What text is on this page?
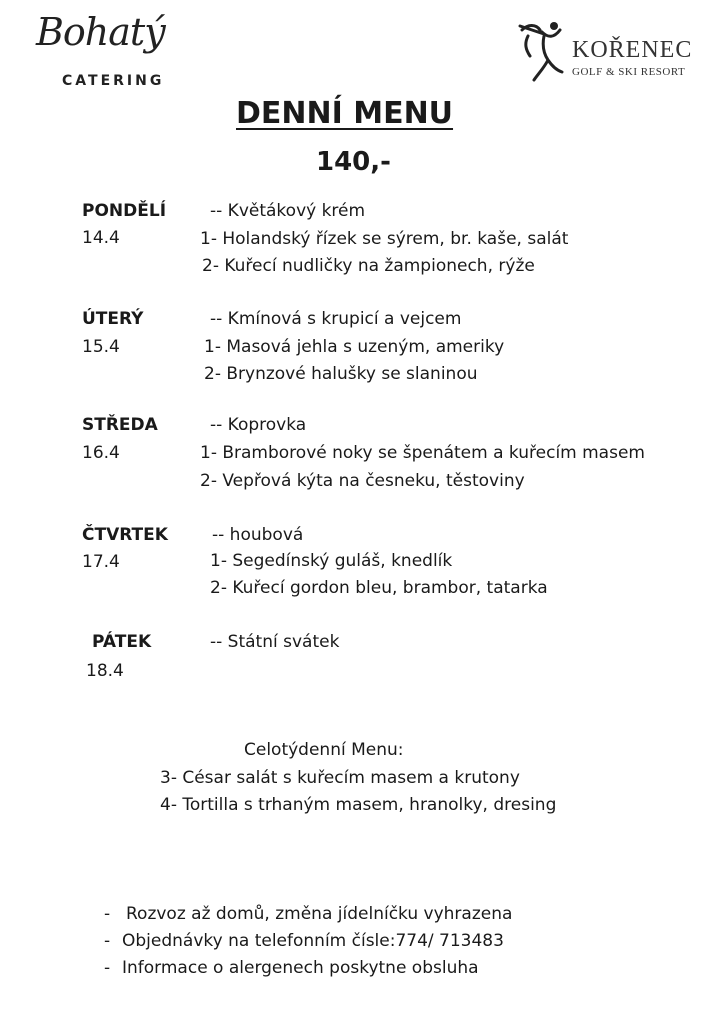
Bohatý
CATERING
KOŘENEC
GOLF & SKI RESORT
DENNÍ MENU
140,-
PONDĚLÍ
14.4
-- Květákový krém
1- Holandský řízek se sýrem, br. kaše, salát
2- Kuřecí nudličky na žampionech, rýže
ÚTERÝ
15.4
-- Kmínová s krupicí a vejcem
1- Masová jehla s uzeným, ameriky
2- Brynzové halušky se slaninou
STŘEDA
16.4
-- Koprovka
1- Bramborové noky se špenátem a kuřecím masem
2- Vepřová kýta na česneku, těstoviny
ČTVRTEK
17.4
-- houbová
1- Segedínský guláš, knedlík
2- Kuřecí gordon bleu, brambor, tatarka
PÁTEK
18.4
-- Státní svátek
Celotýdenní Menu:
3- César salát s kuřecím masem a krutony
4- Tortilla s trhaným masem, hranolky, dresing
- Rozvoz až domů, změna jídelníčku vyhrazena
- Objednávky na telefonním čísle:774/ 713483
- Informace o alergenech poskytne obsluha
